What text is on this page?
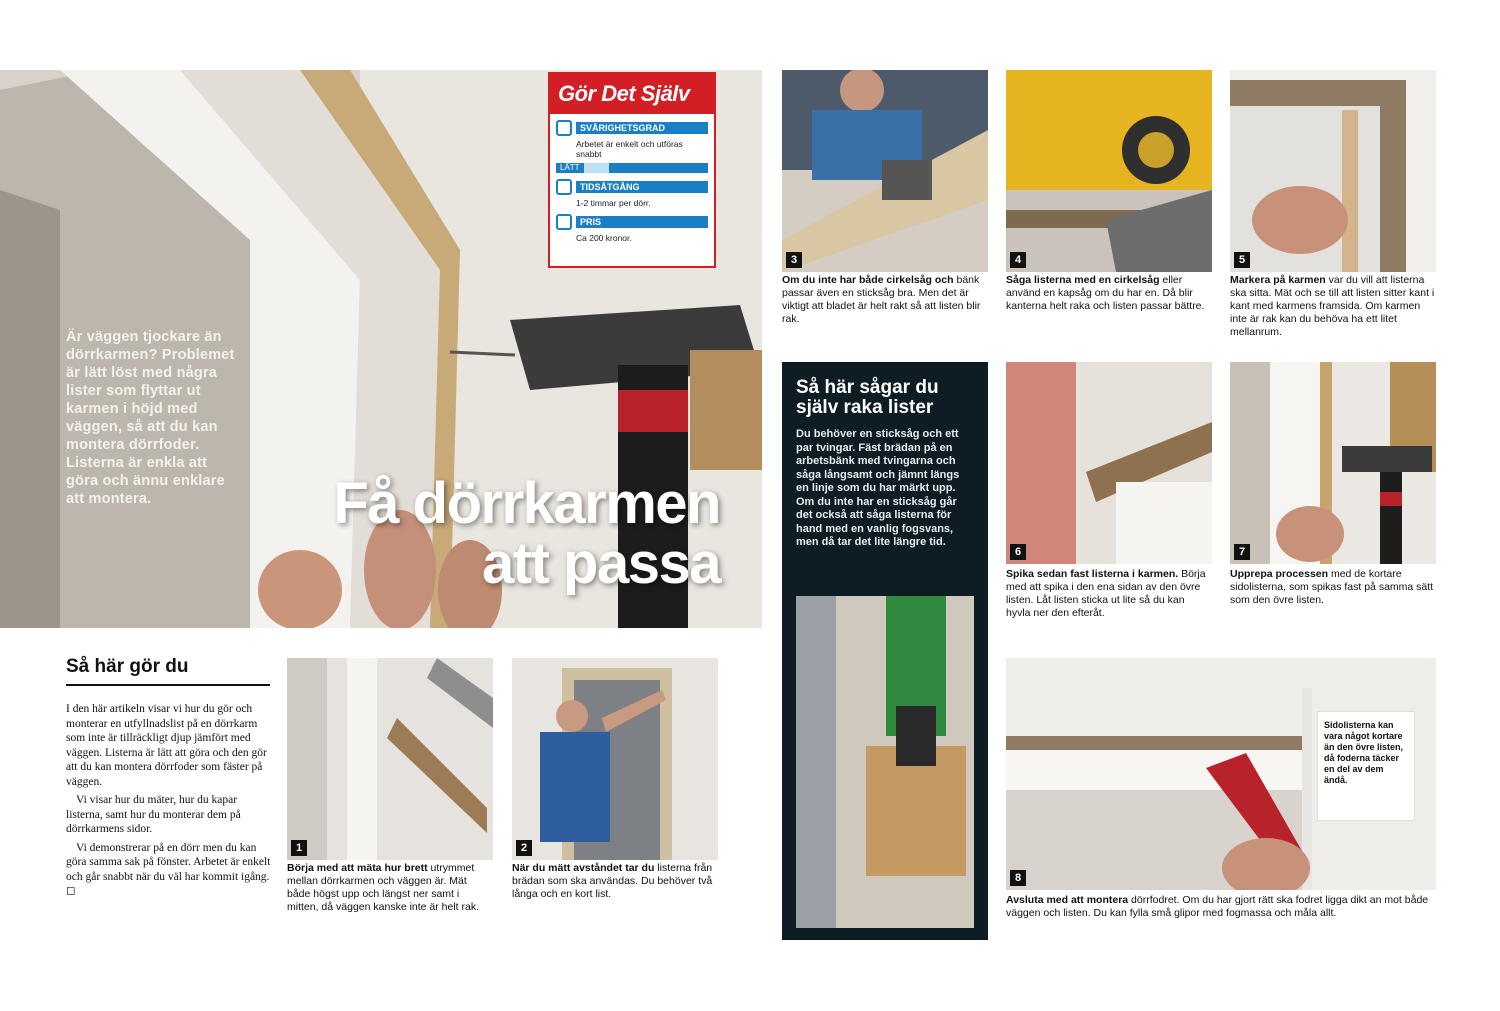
Är väggen tjockare än dörrkarmen? Problemet är lätt löst med några lister som flyttar ut karmen i höjd med väggen, så att du kan montera dörrfoder. Listerna är enkla att göra och ännu enklare att montera.	Få dörrkarmen
att passa
Gör Det Själv
SVÅRIGHETSGRAD
Arbetet är enkelt och utföras snabbt
LÄTT
TIDSÅTGÅNG
1-2 timmar per dörr.
PRIS
Ca 200 kronor.
Så här gör du

I den här artikeln visar vi hur du gör och monterar en utfyllnadslist på en dörrkarm som inte är tillräckligt djup jämfört med väggen. Listerna är lätt att göra och den gör att du kan montera dörrfoder som fäster på väggen.

Vi visar hur du mäter, hur du kapar listerna, samt hur du monterar dem på dörrkarmens sidor.

Vi demonstrerar på en dörr men du kan göra samma sak på fönster. Arbetet är enkelt och går snabbt när du väl har kommit igång. ◻

1
Börja med att mäta hur brett utrymmet mellan dörrkarmen och väggen är. Mät både högst upp och längst ner samt i mitten, då väggen kanske inte är helt rak.
2
När du mätt avståndet tar du listerna från brädan som ska användas. Du behöver två långa och en kort list.
3
Om du inte har både cirkelsåg och bänk passar även en sticksåg bra. Men det är viktigt att bladet är helt rakt så att listen blir rak.
4
Såga listerna med en cirkelsåg eller använd en kapsåg om du har en. Då blir kanterna helt raka och listen passar bättre.
5
Markera på karmen var du vill att listerna ska sitta. Mät och se till att listen sitter kant i kant med karmens framsida. Om karmen inte är rak kan du behöva ha ett litet mellanrum.
Så här sågar du själv raka lister
Du behöver en sticksåg och ett par tvingar. Fäst brädan på en arbetsbänk med tvingarna och såga långsamt och jämnt längs en linje som du har märkt upp. Om du inte har en sticksåg går det också att såga listerna för hand med en vanlig fogsvans, men då tar det lite längre tid.
6
Spika sedan fast listerna i karmen. Börja med att spika i den ena sidan av den övre listen. Låt listen sticka ut lite så du kan hyvla ner den efteråt.
7
Upprepa processen med de kortare sidolisterna, som spikas fast på samma sätt som den övre listen.
8
Avsluta med att montera dörrfodret. Om du har gjort rätt ska fodret ligga dikt an mot både väggen och listen. Du kan fylla små glipor med fogmassa och måla allt.
Sidolisterna kan vara något kortare än den övre listen, då foderna täcker en del av dem ändå.
